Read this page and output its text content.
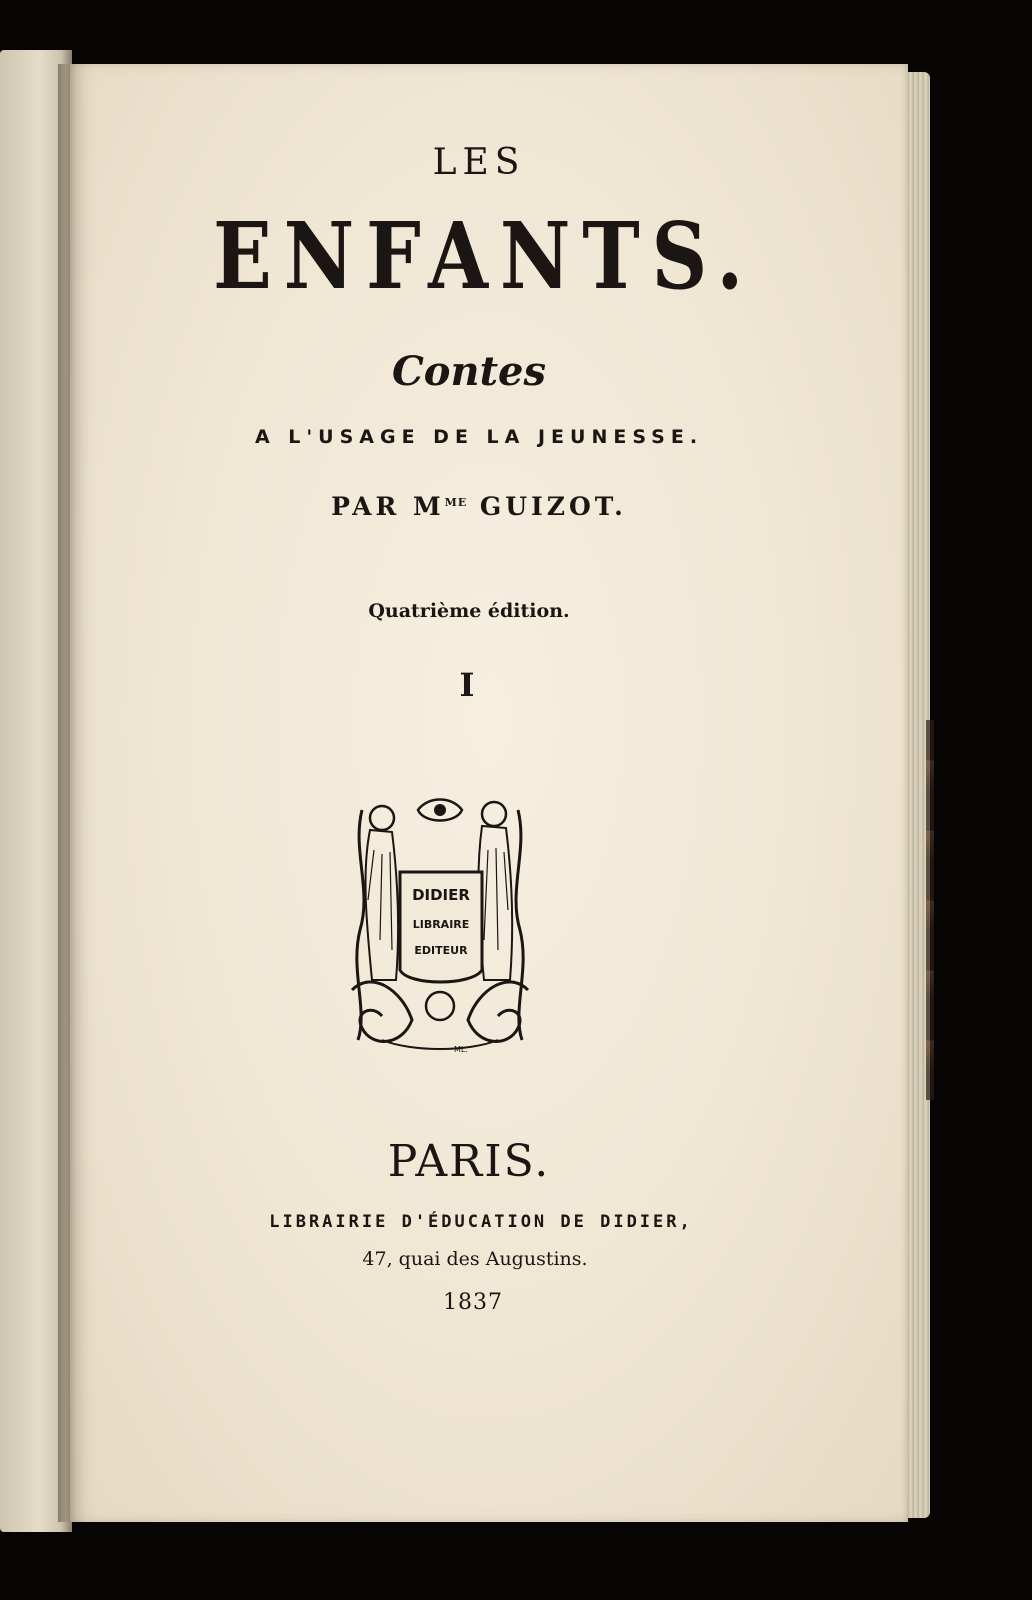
LES
ENFANTS.
Contes
A L'USAGE DE LA JEUNESSE.
PAR $M^{ME}$ GUIZOT.
Quatrième édition.
I
DIDIER
LIBRAIRE
EDITEUR
ML.
PARIS.
LIBRAIRIE D'ÉDUCATION DE DIDIER,
47, quai des Augustins.
1837
